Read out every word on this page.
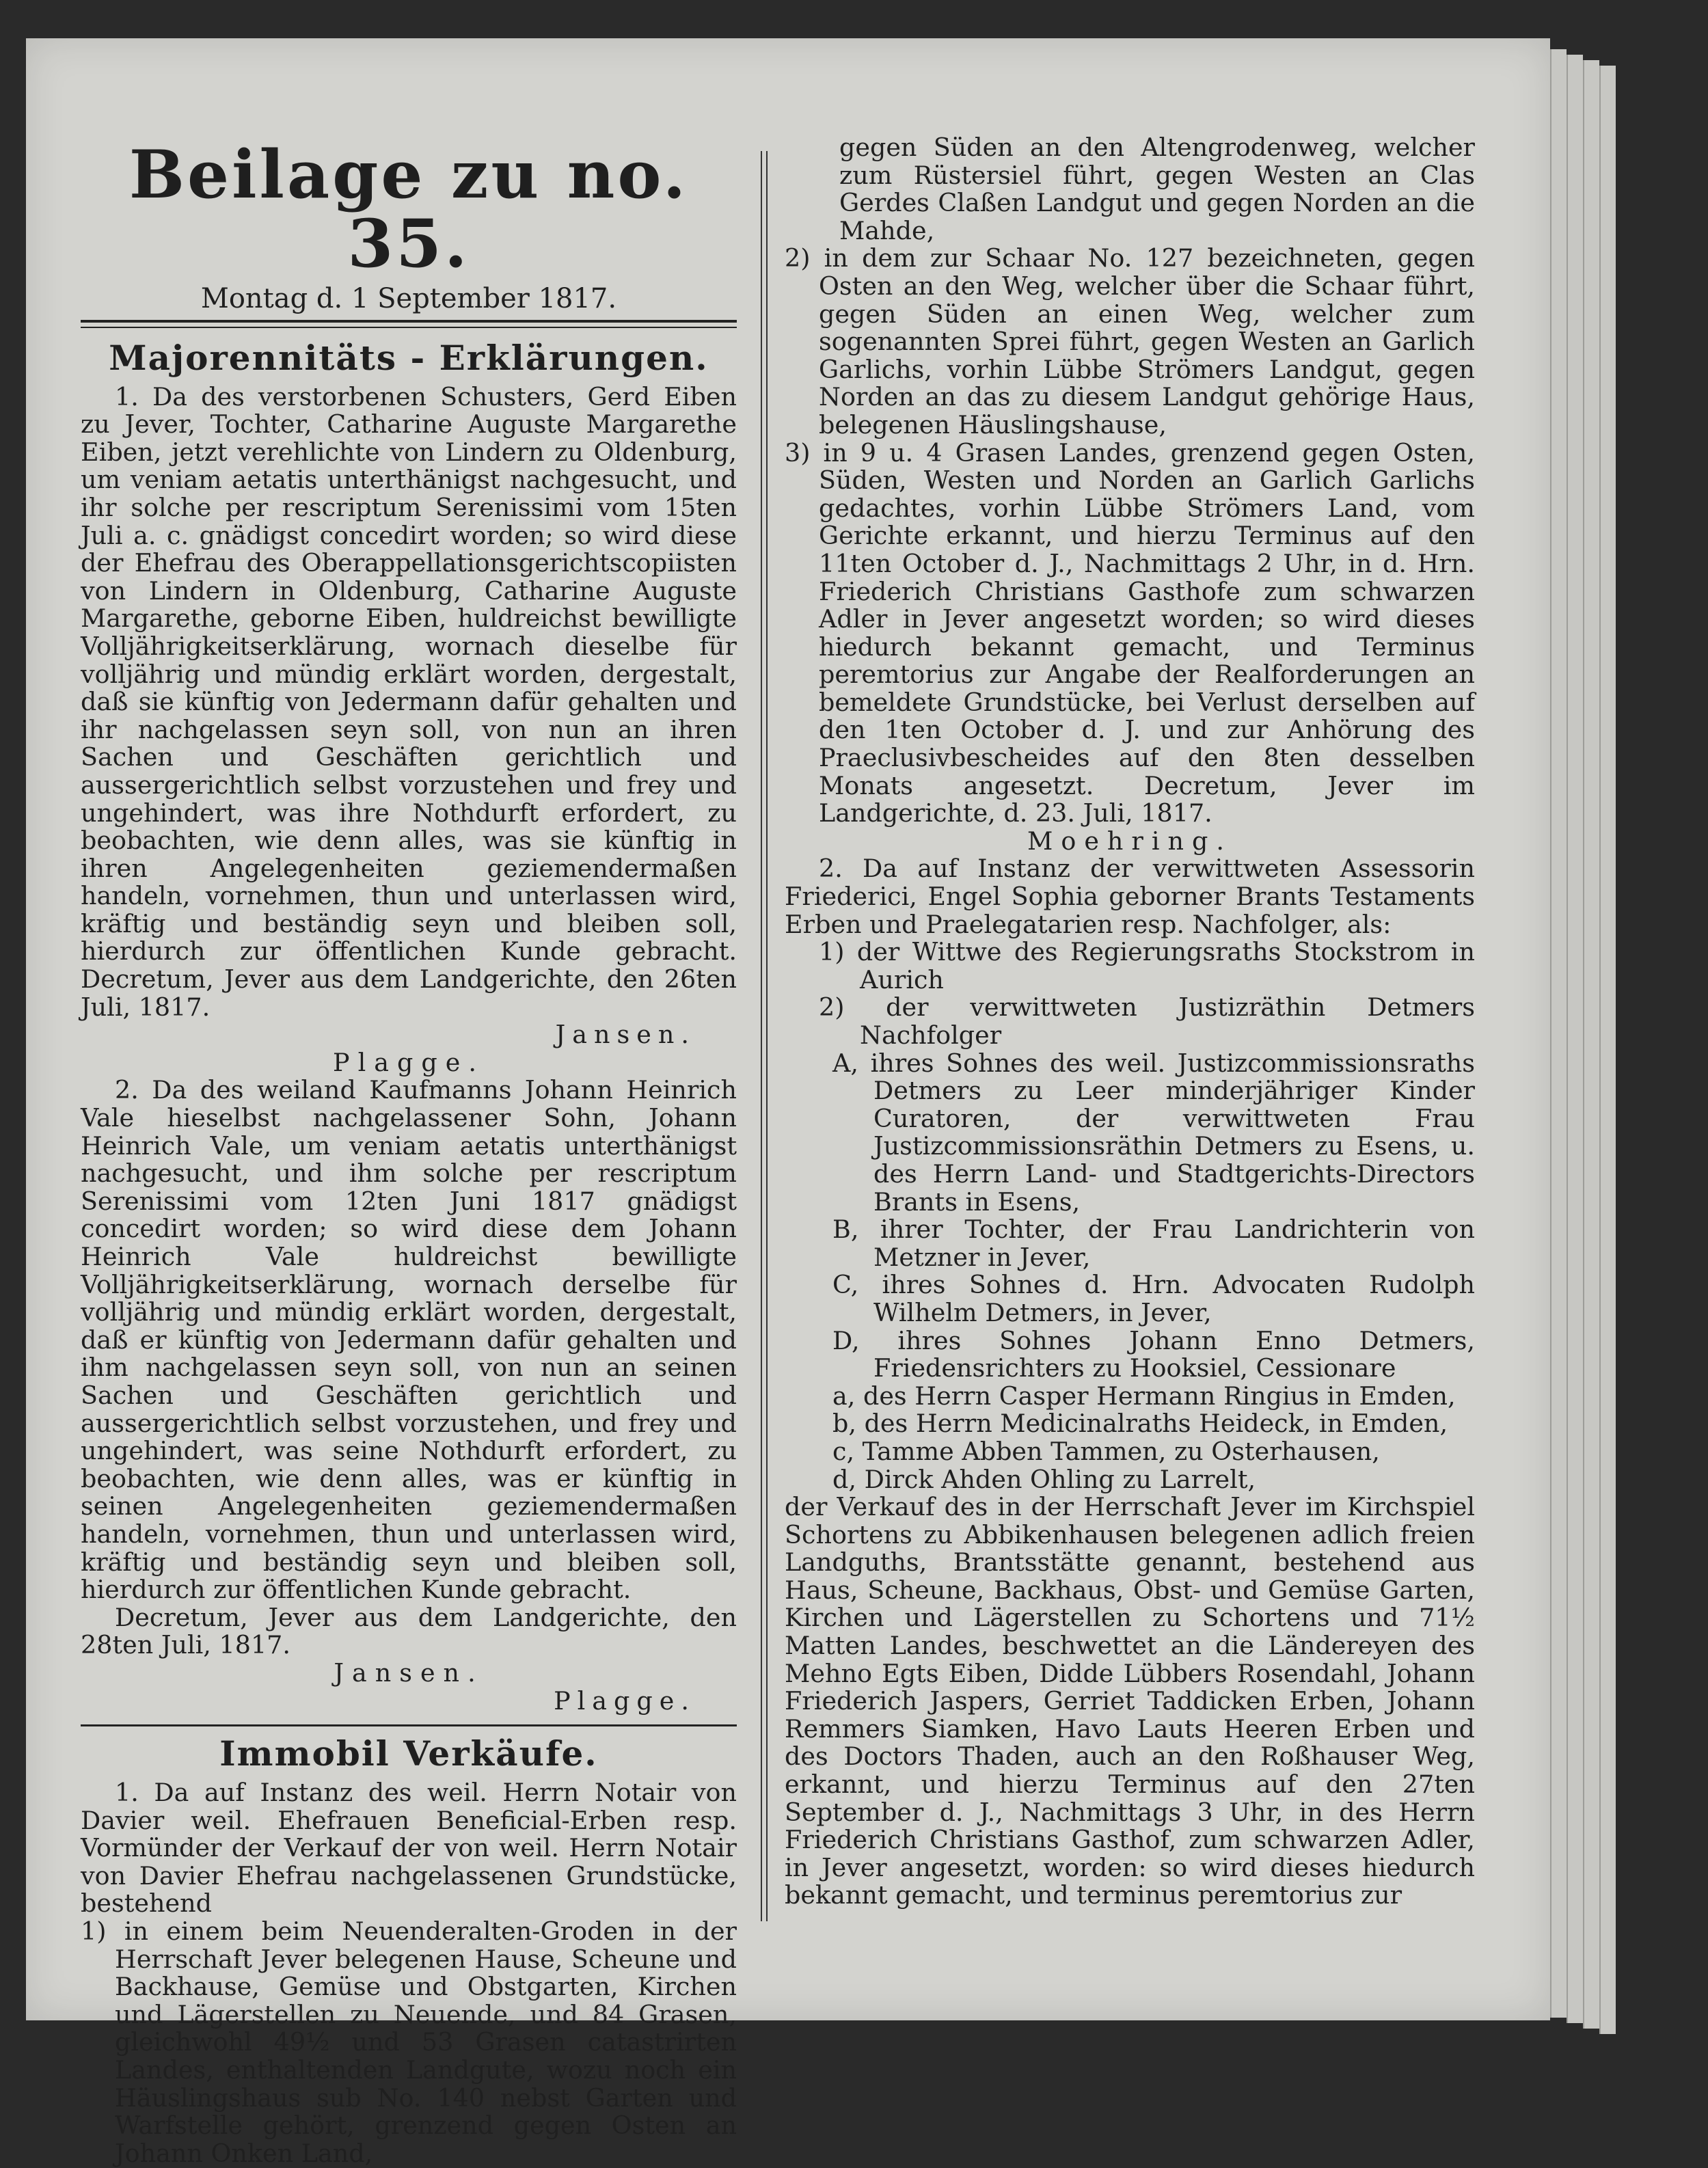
Beilage zu no. 35.
Montag d. 1 September 1817.
Majorennitäts - Erklärungen.

1. Da des verstorbenen Schusters, Gerd Eiben zu Jever, Tochter, Catharine Auguste Margarethe Eiben, jetzt verehlichte von Lindern zu Oldenburg, um veniam aetatis unterthänigst nachgesucht, und ihr solche per rescriptum Serenissimi vom 15ten Juli a. c. gnädigst concedirt worden; so wird diese der Ehefrau des Oberappellationsgerichtscopiisten von Lindern in Oldenburg, Catharine Auguste Margarethe, geborne Eiben, huldreichst bewilligte Volljährigkeitserklärung, wornach dieselbe für volljährig und mündig erklärt worden, dergestalt, daß sie künftig von Jedermann dafür gehalten und ihr nachgelassen seyn soll, von nun an ihren Sachen und Geschäften gerichtlich und aussergerichtlich selbst vorzustehen und frey und ungehindert, was ihre Nothdurft erfordert, zu beobachten, wie denn alles, was sie künftig in ihren Angelegenheiten geziemendermaßen handeln, vornehmen, thun und unterlassen wird, kräftig und beständig seyn und bleiben soll, hierdurch zur öffentlichen Kunde gebracht. Decretum, Jever aus dem Landgerichte, den 26ten Juli, 1817.

Jansen.

Plagge.

2. Da des weiland Kaufmanns Johann Heinrich Vale hieselbst nachgelassener Sohn, Johann Heinrich Vale, um veniam aetatis unterthänigst nachgesucht, und ihm solche per rescriptum Serenissimi vom 12ten Juni 1817 gnädigst concedirt worden; so wird diese dem Johann Heinrich Vale huldreichst bewilligte Volljährigkeitserklärung, wornach derselbe für volljährig und mündig erklärt worden, dergestalt, daß er künftig von Jedermann dafür gehalten und ihm nachgelassen seyn soll, von nun an seinen Sachen und Geschäften gerichtlich und aussergerichtlich selbst vorzustehen, und frey und ungehindert, was seine Nothdurft erfordert, zu beobachten, wie denn alles, was er künftig in seinen Angelegenheiten geziemendermaßen handeln, vornehmen, thun und unterlassen wird, kräftig und beständig seyn und bleiben soll, hierdurch zur öffentlichen Kunde gebracht.

Decretum, Jever aus dem Landgerichte, den 28ten Juli, 1817.

Jansen.

Plagge.

Immobil Verkäufe.

1. Da auf Instanz des weil. Herrn Notair von Davier weil. Ehefrauen Beneficial-Erben resp. Vormünder der Verkauf der von weil. Herrn Notair von Davier Ehefrau nachgelassenen Grundstücke, bestehend

1) in einem beim Neuenderalten-Groden in der Herrschaft Jever belegenen Hause, Scheune und Backhause, Gemüse und Obstgarten, Kirchen und Lägerstellen zu Neuende, und 84 Grasen, gleichwohl 49½ und 53 Grasen catastrirten Landes, enthaltenden Landgute, wozu noch ein Häuslingshaus sub No. 140 nebst Garten und Warfstelle gehört, grenzend gegen Osten an Johann Onken Land,

gegen Süden an den Altengrodenweg, welcher zum Rüstersiel führt, gegen Westen an Clas Gerdes Claßen Landgut und gegen Norden an die Mahde,

2) in dem zur Schaar No. 127 bezeichneten, gegen Osten an den Weg, welcher über die Schaar führt, gegen Süden an einen Weg, welcher zum sogenannten Sprei führt, gegen Westen an Garlich Garlichs, vorhin Lübbe Strömers Landgut, gegen Norden an das zu diesem Landgut gehörige Haus, belegenen Häuslingshause,

3) in 9 u. 4 Grasen Landes, grenzend gegen Osten, Süden, Westen und Norden an Garlich Garlichs gedachtes, vorhin Lübbe Strömers Land, vom Gerichte erkannt, und hierzu Terminus auf den 11ten October d. J., Nachmittags 2 Uhr, in d. Hrn. Friederich Christians Gasthofe zum schwarzen Adler in Jever angesetzt worden; so wird dieses hiedurch bekannt gemacht, und Terminus peremtorius zur Angabe der Realforderungen an bemeldete Grundstücke, bei Verlust derselben auf den 1ten October d. J. und zur Anhörung des Praeclusivbescheides auf den 8ten desselben Monats angesetzt. Decretum, Jever im Landgerichte, d. 23. Juli, 1817.

Moehring.

2. Da auf Instanz der verwittweten Assessorin Friederici, Engel Sophia geborner Brants Testaments Erben und Praelegatarien resp. Nachfolger, als:

1) der Wittwe des Regierungsraths Stockstrom in Aurich

2) der verwittweten Justizräthin Detmers Nachfolger

A, ihres Sohnes des weil. Justizcommissionsraths Detmers zu Leer minderjähriger Kinder Curatoren, der verwittweten Frau Justizcommissionsräthin Detmers zu Esens, u. des Herrn Land- und Stadtgerichts-Directors Brants in Esens,

B, ihrer Tochter, der Frau Landrichterin von Metzner in Jever,

C, ihres Sohnes d. Hrn. Advocaten Rudolph Wilhelm Detmers, in Jever,

D, ihres Sohnes Johann Enno Detmers, Friedensrichters zu Hooksiel, Cessionare

a, des Herrn Casper Hermann Ringius in Emden,

b, des Herrn Medicinalraths Heideck, in Emden,

c, Tamme Abben Tammen, zu Osterhausen,

d, Dirck Ahden Ohling zu Larrelt,

der Verkauf des in der Herrschaft Jever im Kirchspiel Schortens zu Abbikenhausen belegenen adlich freien Landguths, Brantsstätte genannt, bestehend aus Haus, Scheune, Backhaus, Obst- und Gemüse Garten, Kirchen und Lägerstellen zu Schortens und 71½ Matten Landes, beschwettet an die Ländereyen des Mehno Egts Eiben, Didde Lübbers Rosendahl, Johann Friederich Jaspers, Gerriet Taddicken Erben, Johann Remmers Siamken, Havo Lauts Heeren Erben und des Doctors Thaden, auch an den Roßhauser Weg, erkannt, und hierzu Terminus auf den 27ten September d. J., Nachmittags 3 Uhr, in des Herrn Friederich Christians Gasthof, zum schwarzen Adler, in Jever angesetzt, worden: so wird dieses hiedurch bekannt gemacht, und terminus peremtorius zur
